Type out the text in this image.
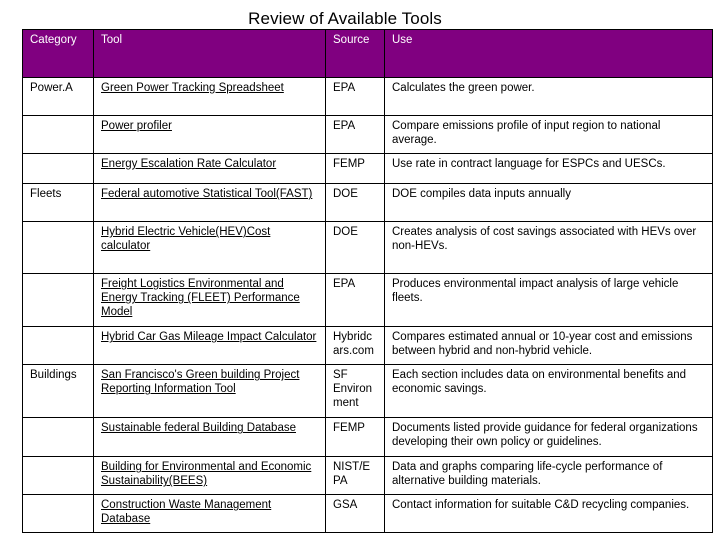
Review of Available Tools
Category	Tool	Source	Use
Power.A	Green Power Tracking Spreadsheet	EPA	Calculates the green power.
	Power profiler	EPA	Compare emissions profile of input region to national average.
	Energy Escalation Rate Calculator	FEMP	Use rate in contract language for ESPCs and UESCs.
Fleets	Federal automotive Statistical Tool(FAST)	DOE	DOE compiles data inputs annually
	Hybrid Electric Vehicle(HEV)Cost calculator	DOE	Creates analysis of cost savings associated with HEVs over non-HEVs.
	Freight Logistics Environmental and Energy Tracking (FLEET) Performance Model	EPA	Produces environmental impact analysis of large vehicle fleets.
	Hybrid Car Gas Mileage Impact Calculator	Hybridc ars.com	Compares estimated annual or 10-year cost and emissions between hybrid and non-hybrid vehicle.
Buildings	San Francisco's Green building Project Reporting Information Tool	SF Environ ment	Each section includes data on environmental benefits and economic savings.
	Sustainable federal Building Database	FEMP	Documents listed provide guidance for federal organizations developing their own policy or guidelines.
	Building for Environmental and Economic Sustainability(BEES)	NIST/E PA	Data and graphs comparing life-cycle performance of alternative building materials.
	Construction Waste Management Database	GSA	Contact information for suitable C&D recycling companies.
